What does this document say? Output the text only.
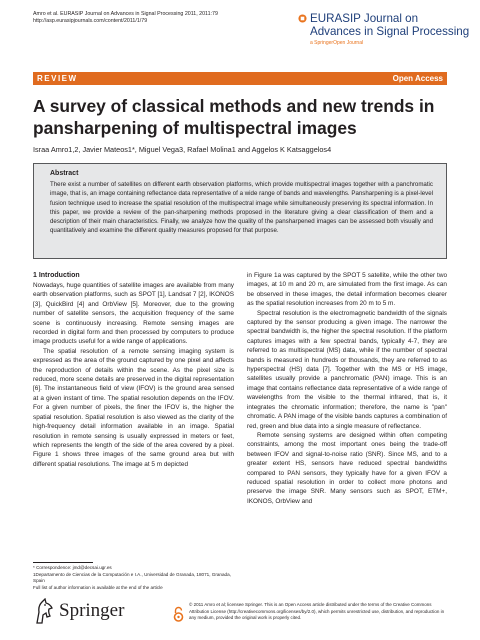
Amro et al. EURASIP Journal on Advances in Signal Processing 2011, 2011:79
http://asp.eurasipjournals.com/content/2011/1/79	EURASIP Journal on
Advances in Signal Processing
a SpringerOpen Journal
REVIEW	Open Access
A survey of classical methods and new trends in pansharpening of multispectral images
Israa Amro1,2, Javier Mateos1*, Miguel Vega3, Rafael Molina1 and Aggelos K Katsaggelos4
Abstract
There exist a number of satellites on different earth observation platforms, which provide multispectral images together with a panchromatic image, that is, an image containing reflectance data representative of a wide range of bands and wavelengths. Pansharpening is a pixel-level fusion technique used to increase the spatial resolution of the multispectral image while simultaneously preserving its spectral information. In this paper, we provide a review of the pan-sharpening methods proposed in the literature giving a clear classification of them and a description of their main characteristics. Finally, we analyze how the quality of the pansharpened images can be assessed both visually and quantitatively and examine the different quality measures proposed for that purpose.
1 Introduction

Nowadays, huge quantities of satellite images are available from many earth observation platforms, such as SPOT [1], Landsat 7 [2], IKONOS [3], QuickBird [4] and OrbView [5]. Moreover, due to the growing number of satellite sensors, the acquisition frequency of the same scene is continuously increasing. Remote sensing images are recorded in digital form and then processed by computers to produce image products useful for a wide range of applications.

The spatial resolution of a remote sensing imaging system is expressed as the area of the ground captured by one pixel and affects the reproduction of details within the scene. As the pixel size is reduced, more scene details are preserved in the digital representation [6]. The instantaneous field of view (IFOV) is the ground area sensed at a given instant of time. The spatial resolution depends on the IFOV. For a given number of pixels, the finer the IFOV is, the higher the spatial resolution. Spatial resolution is also viewed as the clarity of the high-frequency detail information available in an image. Spatial resolution in remote sensing is usually expressed in meters or feet, which represents the length of the side of the area covered by a pixel. Figure 1 shows three images of the same ground area but with different spatial resolutions. The image at 5 m depicted

in Figure 1a was captured by the SPOT 5 satellite, while the other two images, at 10 m and 20 m, are simulated from the first image. As can be observed in these images, the detail information becomes clearer as the spatial resolution increases from 20 m to 5 m.

Spectral resolution is the electromagnetic bandwidth of the signals captured by the sensor producing a given image. The narrower the spectral bandwidth is, the higher the spectral resolution. If the platform captures images with a few spectral bands, typically 4-7, they are referred to as multispectral (MS) data, while if the number of spectral bands is measured in hundreds or thousands, they are referred to as hyperspectral (HS) data [7]. Together with the MS or HS image, satellites usually provide a panchromatic (PAN) image. This is an image that contains reflectance data representative of a wide range of wavelengths from the visible to the thermal infrared, that is, it integrates the chromatic information; therefore, the name is "pan" chromatic. A PAN image of the visible bands captures a combination of red, green and blue data into a single measure of reflectance.

Remote sensing systems are designed within often competing constraints, among the most important ones being the trade-off between IFOV and signal-to-noise ratio (SNR). Since MS, and to a greater extent HS, sensors have reduced spectral bandwidths compared to PAN sensors, they typically have for a given IFOV a reduced spatial resolution in order to collect more photons and preserve the image SNR. Many sensors such as SPOT, ETM+, IKONOS, OrbView and

* Correspondence: jmd@decsai.ugr.es
1Departamento de Ciencias de la Computación e I.A., Universidad de Granada, 18071, Granada, Spain
Full list of author information is available at the end of the article
Springer	© 2011 Amro et al; licensee Springer. This is an Open Access article distributed under the terms of the Creative Commons Attribution License (http://creativecommons.org/licenses/by/2.0), which permits unrestricted use, distribution, and reproduction in any medium, provided the original work is properly cited.
